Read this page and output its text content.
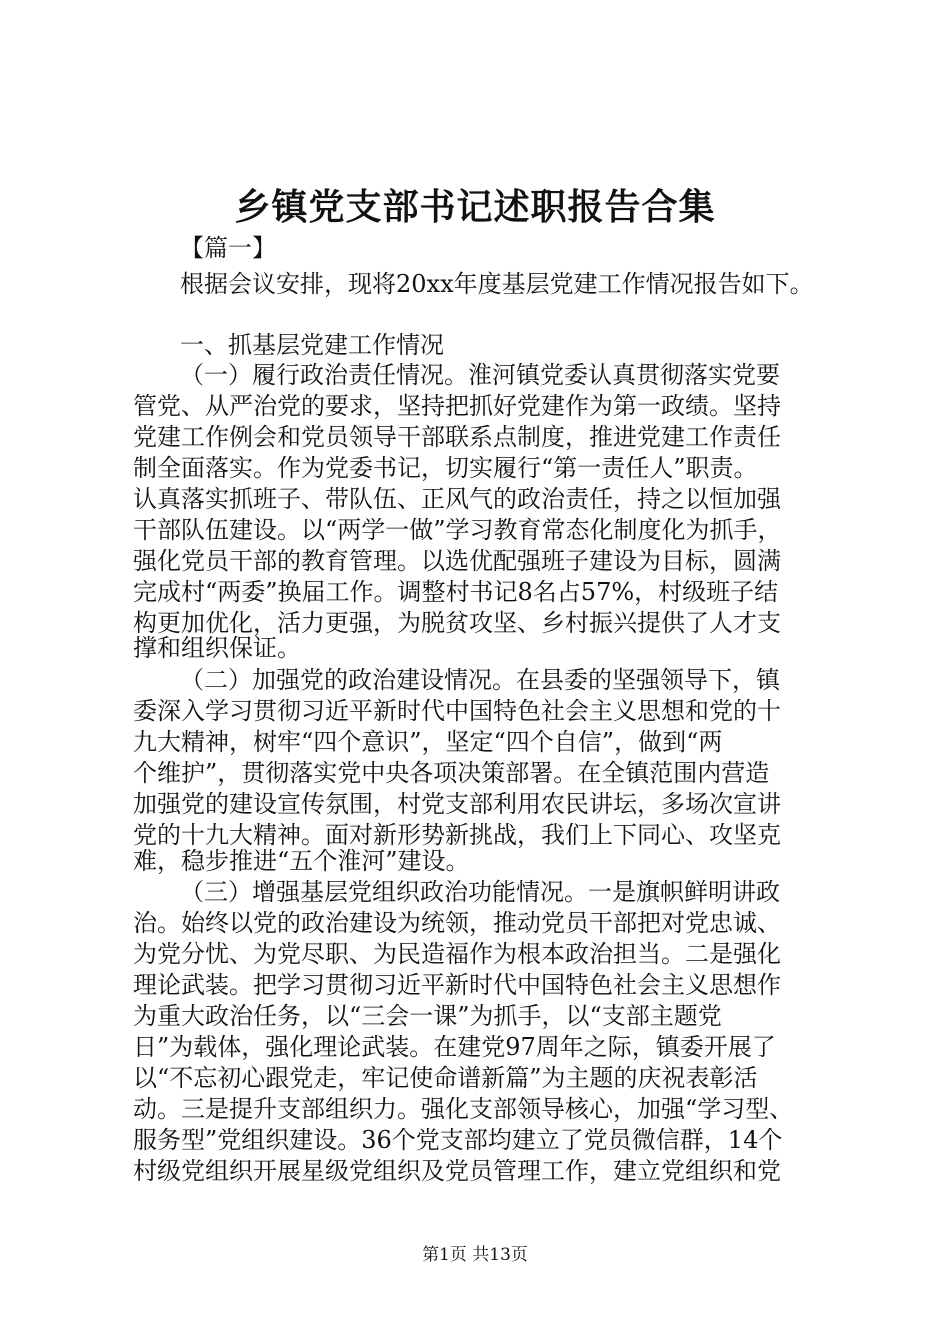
乡镇党支部书记述职报告合集
【篇一】
根据会议安排，现将20xx年度基层党建工作情况报告如下。
一、抓基层党建工作情况
（一）履行政治责任情况。淮河镇党委认真贯彻落实党要
管党、从严治党的要求，坚持把抓好党建作为第一政绩。坚持
党建工作例会和党员领导干部联系点制度，推进党建工作责任
制全面落实。作为党委书记，切实履行“第一责任人”职责。
认真落实抓班子、带队伍、正风气的政治责任，持之以恒加强
干部队伍建设。以“两学一做”学习教育常态化制度化为抓手，
强化党员干部的教育管理。以选优配强班子建设为目标，圆满
完成村“两委”换届工作。调整村书记8名占57%，村级班子结
构更加优化，活力更强，为脱贫攻坚、乡村振兴提供了人才支
撑和组织保证。
（二）加强党的政治建设情况。在县委的坚强领导下，镇
委深入学习贯彻习近平新时代中国特色社会主义思想和党的十
九大精神，树牢“四个意识”，坚定“四个自信”，做到“两
个维护”，贯彻落实党中央各项决策部署。在全镇范围内营造
加强党的建设宣传氛围，村党支部利用农民讲坛，多场次宣讲
党的十九大精神。面对新形势新挑战，我们上下同心、攻坚克
难，稳步推进“五个淮河”建设。
（三）增强基层党组织政治功能情况。一是旗帜鲜明讲政
治。始终以党的政治建设为统领，推动党员干部把对党忠诚、
为党分忧、为党尽职、为民造福作为根本政治担当。二是强化
理论武装。把学习贯彻习近平新时代中国特色社会主义思想作
为重大政治任务，以“三会一课”为抓手，以“支部主题党
日”为载体，强化理论武装。在建党97周年之际，镇委开展了
以“不忘初心跟党走，牢记使命谱新篇”为主题的庆祝表彰活
动。三是提升支部组织力。强化支部领导核心，加强“学习型、
服务型”党组织建设。36个党支部均建立了党员微信群，14个
村级党组织开展星级党组织及党员管理工作，建立党组织和党
第1页 共13页
